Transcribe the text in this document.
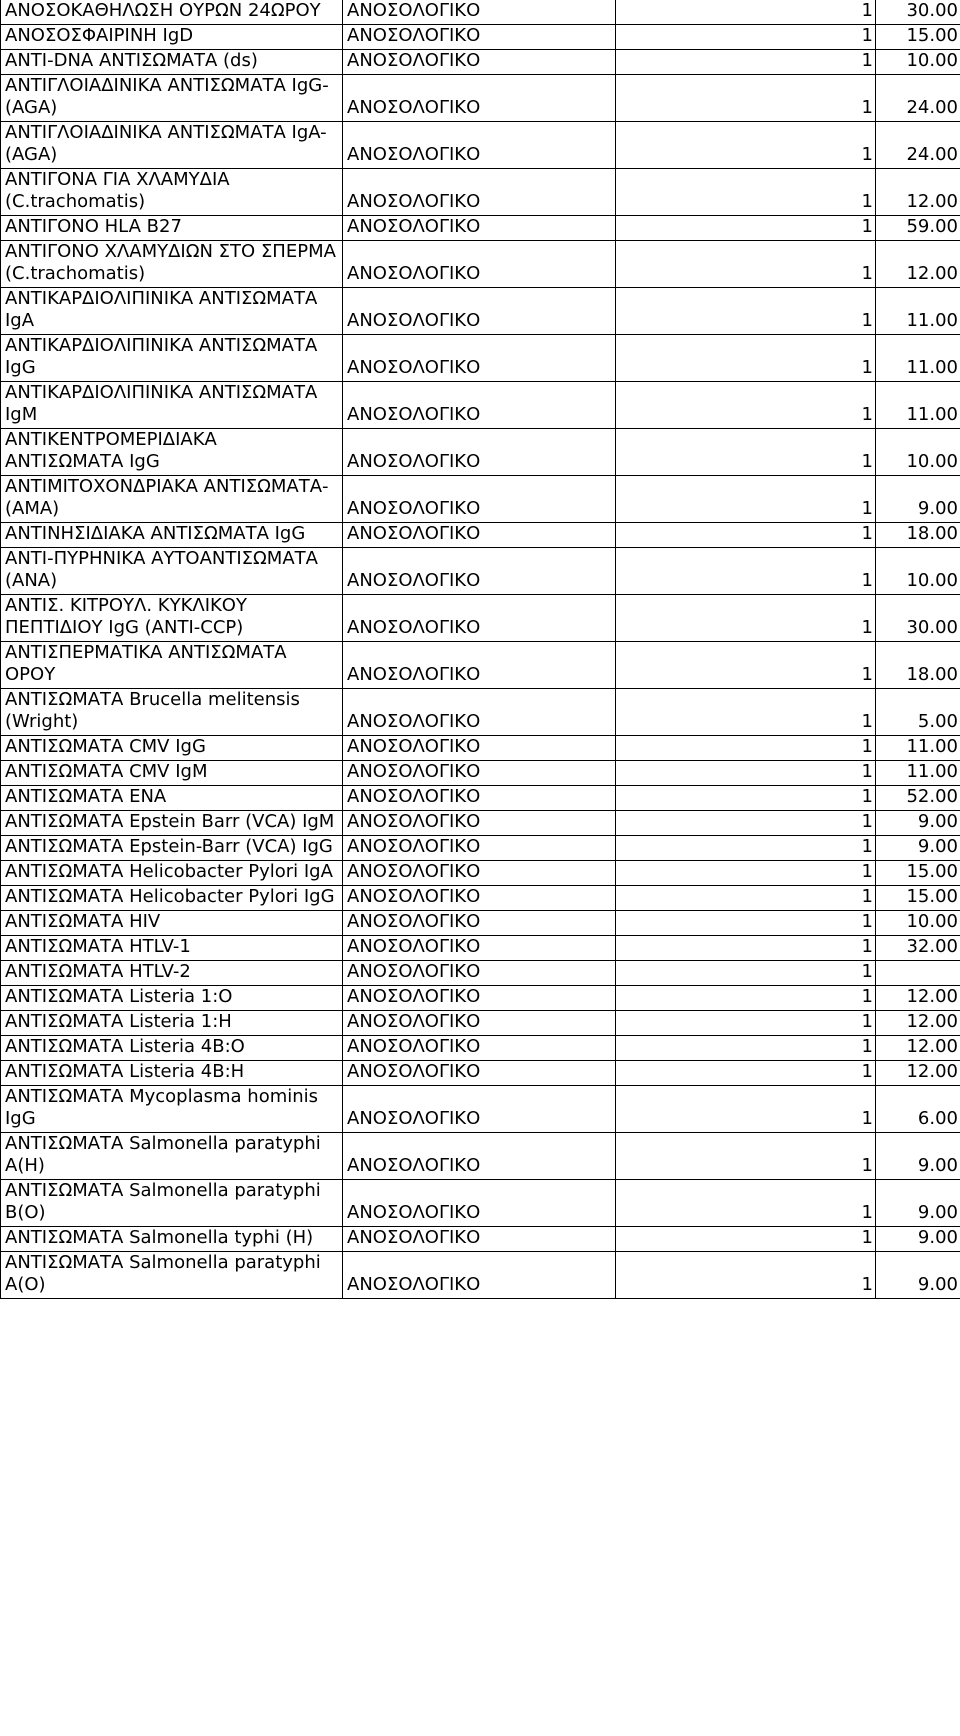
ΑΝΟΣΟΚΑΘΗΛΩΣΗ ΟΥΡΩΝ 24ΩΡΟΥ	ΑΝΟΣΟΛΟΓΙΚΟ	1	30.00
ΑΝΟΣΟΣΦΑΙΡΙΝΗ IgD	ΑΝΟΣΟΛΟΓΙΚΟ	1	15.00
ΑΝΤΙ-DNA ΑΝΤΙΣΩΜΑΤΑ (ds)	ΑΝΟΣΟΛΟΓΙΚΟ	1	10.00
ΑΝΤΙΓΛΟΙΑΔΙΝΙΚΑ ΑΝΤΙΣΩΜΑΤΑ IgG-(AGA)	ΑΝΟΣΟΛΟΓΙΚΟ	1	24.00
ΑΝΤΙΓΛΟΙΑΔΙΝΙΚΑ ΑΝΤΙΣΩΜΑΤΑ IgA-(AGA)	ΑΝΟΣΟΛΟΓΙΚΟ	1	24.00
ΑΝΤΙΓΟΝΑ ΓΙΑ ΧΛΑΜΥΔΙΑ (C.trachomatis)	ΑΝΟΣΟΛΟΓΙΚΟ	1	12.00
ΑΝΤΙΓΟΝΟ HLA B27	ΑΝΟΣΟΛΟΓΙΚΟ	1	59.00
ΑΝΤΙΓΟΝΟ ΧΛΑΜΥΔΙΩΝ ΣΤΟ ΣΠΕΡΜΑ (C.trachomatis)	ΑΝΟΣΟΛΟΓΙΚΟ	1	12.00
ΑΝΤΙΚΑΡΔΙΟΛΙΠΙΝΙΚΑ ΑΝΤΙΣΩΜΑΤΑ IgA	ΑΝΟΣΟΛΟΓΙΚΟ	1	11.00
ΑΝΤΙΚΑΡΔΙΟΛΙΠΙΝΙΚΑ ΑΝΤΙΣΩΜΑΤΑ IgG	ΑΝΟΣΟΛΟΓΙΚΟ	1	11.00
ΑΝΤΙΚΑΡΔΙΟΛΙΠΙΝΙΚΑ ΑΝΤΙΣΩΜΑΤΑ IgM	ΑΝΟΣΟΛΟΓΙΚΟ	1	11.00
ΑΝΤΙΚΕΝΤΡΟΜΕΡΙΔΙΑΚΑ ΑΝΤΙΣΩΜΑΤΑ IgG	ΑΝΟΣΟΛΟΓΙΚΟ	1	10.00
ΑΝΤΙΜΙΤΟΧΟΝΔΡΙΑΚΑ ΑΝΤΙΣΩΜΑΤΑ-(AMA)	ΑΝΟΣΟΛΟΓΙΚΟ	1	9.00
ΑΝΤΙΝΗΣΙΔΙΑΚΑ ΑΝΤΙΣΩΜΑΤΑ IgG	ΑΝΟΣΟΛΟΓΙΚΟ	1	18.00
ΑΝΤΙ-ΠΥΡΗΝΙΚΑ ΑΥΤΟΑΝΤΙΣΩΜΑΤΑ (ANA)	ΑΝΟΣΟΛΟΓΙΚΟ	1	10.00
ΑΝΤΙΣ. ΚΙΤΡΟΥΛ. ΚΥΚΛΙΚΟΥ ΠΕΠΤΙΔΙΟΥ IgG (ANTI-CCP)	ΑΝΟΣΟΛΟΓΙΚΟ	1	30.00
ΑΝΤΙΣΠΕΡΜΑΤΙΚΑ ΑΝΤΙΣΩΜΑΤΑ ΟΡΟΥ	ΑΝΟΣΟΛΟΓΙΚΟ	1	18.00
ΑΝΤΙΣΩΜΑΤΑ Brucella melitensis (Wright)	ΑΝΟΣΟΛΟΓΙΚΟ	1	5.00
ΑΝΤΙΣΩΜΑΤΑ CMV IgG	ΑΝΟΣΟΛΟΓΙΚΟ	1	11.00
ΑΝΤΙΣΩΜΑΤΑ CMV IgM	ΑΝΟΣΟΛΟΓΙΚΟ	1	11.00
ΑΝΤΙΣΩΜΑΤΑ ΕΝΑ	ΑΝΟΣΟΛΟΓΙΚΟ	1	52.00
ΑΝΤΙΣΩΜΑΤΑ Epstein Barr (VCA) IgM	ΑΝΟΣΟΛΟΓΙΚΟ	1	9.00
ΑΝΤΙΣΩΜΑΤΑ Epstein-Barr (VCA) IgG	ΑΝΟΣΟΛΟΓΙΚΟ	1	9.00
ΑΝΤΙΣΩΜΑΤΑ Helicobacter Pylori IgA	ΑΝΟΣΟΛΟΓΙΚΟ	1	15.00
ΑΝΤΙΣΩΜΑΤΑ Helicobacter Pylori IgG	ΑΝΟΣΟΛΟΓΙΚΟ	1	15.00
ΑΝΤΙΣΩΜΑΤΑ HIV	ΑΝΟΣΟΛΟΓΙΚΟ	1	10.00
ΑΝΤΙΣΩΜΑΤΑ HTLV-1	ΑΝΟΣΟΛΟΓΙΚΟ	1	32.00
ΑΝΤΙΣΩΜΑΤΑ HTLV-2	ΑΝΟΣΟΛΟΓΙΚΟ	1	
ΑΝΤΙΣΩΜΑΤΑ Listeria 1:O	ΑΝΟΣΟΛΟΓΙΚΟ	1	12.00
ΑΝΤΙΣΩΜΑΤΑ Listeria 1:H	ΑΝΟΣΟΛΟΓΙΚΟ	1	12.00
ΑΝΤΙΣΩΜΑΤΑ Listeria 4B:O	ΑΝΟΣΟΛΟΓΙΚΟ	1	12.00
ΑΝΤΙΣΩΜΑΤΑ Listeria 4B:H	ΑΝΟΣΟΛΟΓΙΚΟ	1	12.00
ΑΝΤΙΣΩΜΑΤΑ Mycoplasma hominis IgG	ΑΝΟΣΟΛΟΓΙΚΟ	1	6.00
ΑΝΤΙΣΩΜΑΤΑ Salmonella paratyphi A(H)	ΑΝΟΣΟΛΟΓΙΚΟ	1	9.00
ΑΝΤΙΣΩΜΑΤΑ Salmonella paratyphi B(O)	ΑΝΟΣΟΛΟΓΙΚΟ	1	9.00
ΑΝΤΙΣΩΜΑΤΑ Salmonella typhi (H)	ΑΝΟΣΟΛΟΓΙΚΟ	1	9.00
ΑΝΤΙΣΩΜΑΤΑ Salmonella paratyphi A(O)	ΑΝΟΣΟΛΟΓΙΚΟ	1	9.00
